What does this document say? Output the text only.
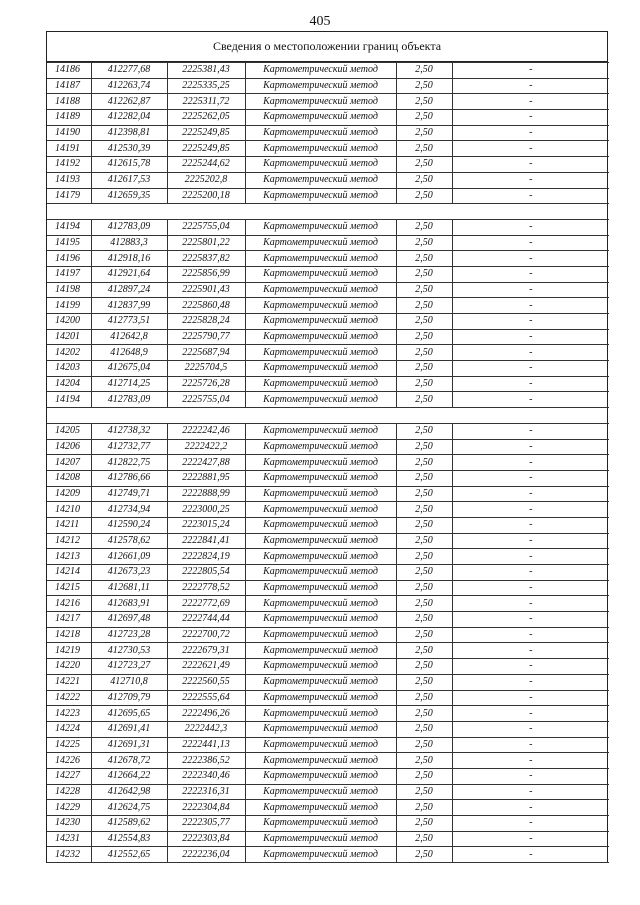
405
Сведения о местоположении границ объекта
14186	412277,68	2225381,43	Картометрический метод	2,50	-
14187	412263,74	2225335,25	Картометрический метод	2,50	-
14188	412262,87	2225311,72	Картометрический метод	2,50	-
14189	412282,04	2225262,05	Картометрический метод	2,50	-
14190	412398,81	2225249,85	Картометрический метод	2,50	-
14191	412530,39	2225249,85	Картометрический метод	2,50	-
14192	412615,78	2225244,62	Картометрический метод	2,50	-
14193	412617,53	2225202,8	Картометрический метод	2,50	-
14179	412659,35	2225200,18	Картометрический метод	2,50	-

14194	412783,09	2225755,04	Картометрический метод	2,50	-
14195	412883,3	2225801,22	Картометрический метод	2,50	-
14196	412918,16	2225837,82	Картометрический метод	2,50	-
14197	412921,64	2225856,99	Картометрический метод	2,50	-
14198	412897,24	2225901,43	Картометрический метод	2,50	-
14199	412837,99	2225860,48	Картометрический метод	2,50	-
14200	412773,51	2225828,24	Картометрический метод	2,50	-
14201	412642,8	2225790,77	Картометрический метод	2,50	-
14202	412648,9	2225687,94	Картометрический метод	2,50	-
14203	412675,04	2225704,5	Картометрический метод	2,50	-
14204	412714,25	2225726,28	Картометрический метод	2,50	-
14194	412783,09	2225755,04	Картометрический метод	2,50	-

14205	412738,32	2222242,46	Картометрический метод	2,50	-
14206	412732,77	2222422,2	Картометрический метод	2,50	-
14207	412822,75	2222427,88	Картометрический метод	2,50	-
14208	412786,66	2222881,95	Картометрический метод	2,50	-
14209	412749,71	2222888,99	Картометрический метод	2,50	-
14210	412734,94	2223000,25	Картометрический метод	2,50	-
14211	412590,24	2223015,24	Картометрический метод	2,50	-
14212	412578,62	2222841,41	Картометрический метод	2,50	-
14213	412661,09	2222824,19	Картометрический метод	2,50	-
14214	412673,23	2222805,54	Картометрический метод	2,50	-
14215	412681,11	2222778,52	Картометрический метод	2,50	-
14216	412683,91	2222772,69	Картометрический метод	2,50	-
14217	412697,48	2222744,44	Картометрический метод	2,50	-
14218	412723,28	2222700,72	Картометрический метод	2,50	-
14219	412730,53	2222679,31	Картометрический метод	2,50	-
14220	412723,27	2222621,49	Картометрический метод	2,50	-
14221	412710,8	2222560,55	Картометрический метод	2,50	-
14222	412709,79	2222555,64	Картометрический метод	2,50	-
14223	412695,65	2222496,26	Картометрический метод	2,50	-
14224	412691,41	2222442,3	Картометрический метод	2,50	-
14225	412691,31	2222441,13	Картометрический метод	2,50	-
14226	412678,72	2222386,52	Картометрический метод	2,50	-
14227	412664,22	2222340,46	Картометрический метод	2,50	-
14228	412642,98	2222316,31	Картометрический метод	2,50	-
14229	412624,75	2222304,84	Картометрический метод	2,50	-
14230	412589,62	2222305,77	Картометрический метод	2,50	-
14231	412554,83	2222303,84	Картометрический метод	2,50	-
14232	412552,65	2222236,04	Картометрический метод	2,50	-
